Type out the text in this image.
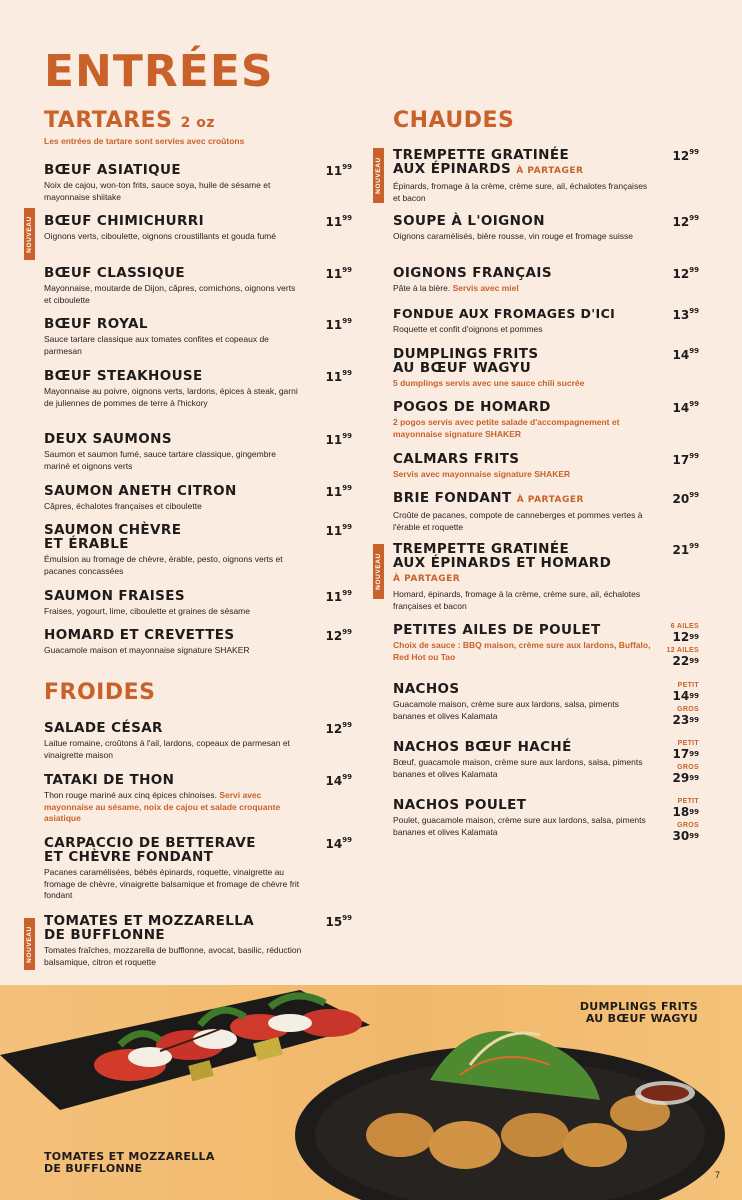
ENTRÉES
TARTARES 2 oz
Les entrées de tartare sont servies avec croûtons
BŒUF ASIATIQUE	$11^{99}$
Noix de cajou, won-ton frits, sauce soya, huile de sésame et mayonnaise shiitake
BŒUF CHIMICHURRI	$11^{99}$
Oignons verts, ciboulette, oignons croustillants et gouda fumé
BŒUF CLASSIQUE	$11^{99}$
Mayonnaise, moutarde de Dijon, câpres, cornichons, oignons verts et ciboulette
BŒUF ROYAL	$11^{99}$
Sauce tartare classique aux tomates confites et copeaux de parmesan
BŒUF STEAKHOUSE	$11^{99}$
Mayonnaise au poivre, oignons verts, lardons, épices à steak, garni de juliennes de pommes de terre à l'hickory
DEUX SAUMONS	$11^{99}$
Saumon et saumon fumé, sauce tartare classique, gingembre mariné et oignons verts
SAUMON ANETH CITRON	$11^{99}$
Câpres, échalotes françaises et ciboulette
SAUMON CHÈVRE
ET ÉRABLE
$11^{99}$
Émulsion au fromage de chèvre, érable, pesto, oignons verts et pacanes concassées
SAUMON FRAISES	$11^{99}$
Fraises, yogourt, lime, ciboulette et graines de sésame
HOMARD ET CREVETTES	$12^{99}$
Guacamole maison et mayonnaise signature SHAKER
FROIDES
SALADE CÉSAR	$12^{99}$
Laitue romaine, croûtons à l'ail, lardons, copeaux de parmesan et vinaigrette maison
TATAKI DE THON	$14^{99}$
Thon rouge mariné aux cinq épices chinoises. Servi avec mayonnaise au sésame, noix de cajou et salade croquante asiatique
CARPACCIO DE BETTERAVE
ET CHÈVRE FONDANT
$14^{99}$
Pacanes caramélisées, bébés épinards, roquette, vinaigrette au fromage de chèvre, vinaigrette balsamique et fromage de chèvre frit fondant
TOMATES ET MOZZARELLA
DE BUFFLONNE
$15^{99}$
Tomates fraîches, mozzarella de bufflonne, avocat, basilic, réduction balsamique, citron et roquette
NOUVEAU
NOUVEAU
CHAUDES
TREMPETTE GRATINÉE
AUX ÉPINARDS À PARTAGER
$12^{99}$
Épinards, fromage à la crème, crème sure, ail, échalotes françaises et bacon
SOUPE À L'OIGNON	$12^{99}$
Oignons caramélisés, bière rousse, vin rouge et fromage suisse
OIGNONS FRANÇAIS	$12^{99}$
Pâte à la bière. Servis avec miel
FONDUE AUX FROMAGES D'ICI	$13^{99}$
Roquette et confit d'oignons et pommes
DUMPLINGS FRITS
AU BŒUF WAGYU
$14^{99}$
5 dumplings servis avec une sauce chili sucrée
POGOS DE HOMARD	$14^{99}$
2 pogos servis avec petite salade d'accompagnement et mayonnaise signature SHAKER
CALMARS FRITS	$17^{99}$
Servis avec mayonnaise signature SHAKER
BRIE FONDANT À PARTAGER	$20^{99}$
Croûte de pacanes, compote de canneberges et pommes vertes à l'érable et roquette
TREMPETTE GRATINÉE
AUX ÉPINARDS ET HOMARD
À PARTAGER
$21^{99}$
Homard, épinards, fromage à la crème, crème sure, ail, échalotes françaises et bacon
PETITES AILES DE POULET	6 AILES
$12^{99}$
12 AILES
$22^{99}$
Choix de sauce : BBQ maison, crème sure aux lardons, Buffalo, Red Hot ou Tao
NACHOS	PETIT
$14^{99}$
GROS
$23^{99}$
Guacamole maison, crème sure aux lardons, salsa, piments bananes et olives Kalamata
NACHOS BŒUF HACHÉ	PETIT
$17^{99}$
GROS
$29^{99}$
Bœuf, guacamole maison, crème sure aux lardons, salsa, piments bananes et olives Kalamata
NACHOS POULET	PETIT
$18^{99}$
GROS
$30^{99}$
Poulet, guacamole maison, crème sure aux lardons, salsa, piments bananes et olives Kalamata
NOUVEAU
NOUVEAU
DUMPLINGS FRITS
AU BŒUF WAGYU
TOMATES ET MOZZARELLA
DE BUFFLONNE	7
